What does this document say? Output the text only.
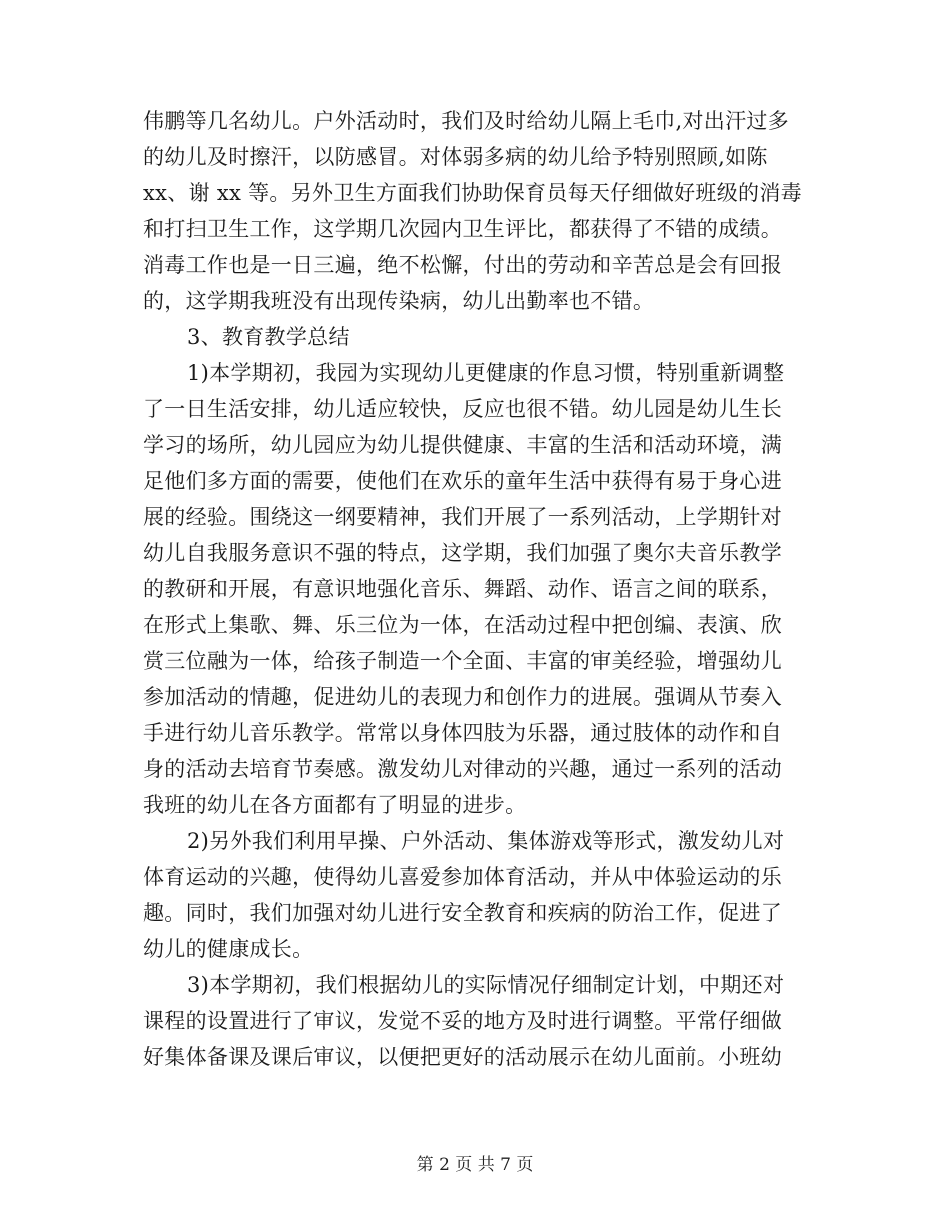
伟鹏等几名幼儿。户外活动时，我们及时给幼儿隔上毛巾,对出汗过多
的幼儿及时擦汗，以防感冒。对体弱多病的幼儿给予特别照顾,如陈
xx、谢 xx 等。另外卫生方面我们协助保育员每天仔细做好班级的消毒
和打扫卫生工作，这学期几次园内卫生评比，都获得了不错的成绩。
消毒工作也是一日三遍，绝不松懈，付出的劳动和辛苦总是会有回报
的，这学期我班没有出现传染病，幼儿出勤率也不错。
3、教育教学总结
1)本学期初，我园为实现幼儿更健康的作息习惯，特别重新调整
了一日生活安排，幼儿适应较快，反应也很不错。幼儿园是幼儿生长
学习的场所，幼儿园应为幼儿提供健康、丰富的生活和活动环境，满
足他们多方面的需要，使他们在欢乐的童年生活中获得有易于身心进
展的经验。围绕这一纲要精神，我们开展了一系列活动，上学期针对
幼儿自我服务意识不强的特点，这学期，我们加强了奥尔夫音乐教学
的教研和开展，有意识地强化音乐、舞蹈、动作、语言之间的联系，
在形式上集歌、舞、乐三位为一体，在活动过程中把创编、表演、欣
赏三位融为一体，给孩子制造一个全面、丰富的审美经验，增强幼儿
参加活动的情趣，促进幼儿的表现力和创作力的进展。强调从节奏入
手进行幼儿音乐教学。常常以身体四肢为乐器，通过肢体的动作和自
身的活动去培育节奏感。激发幼儿对律动的兴趣，通过一系列的活动
我班的幼儿在各方面都有了明显的进步。
2)另外我们利用早操、户外活动、集体游戏等形式，激发幼儿对
体育运动的兴趣，使得幼儿喜爱参加体育活动，并从中体验运动的乐
趣。同时，我们加强对幼儿进行安全教育和疾病的防治工作，促进了
幼儿的健康成长。
3)本学期初，我们根据幼儿的实际情况仔细制定计划，中期还对
课程的设置进行了审议，发觉不妥的地方及时进行调整。平常仔细做
好集体备课及课后审议，以便把更好的活动展示在幼儿面前。小班幼
第 2 页 共 7 页
